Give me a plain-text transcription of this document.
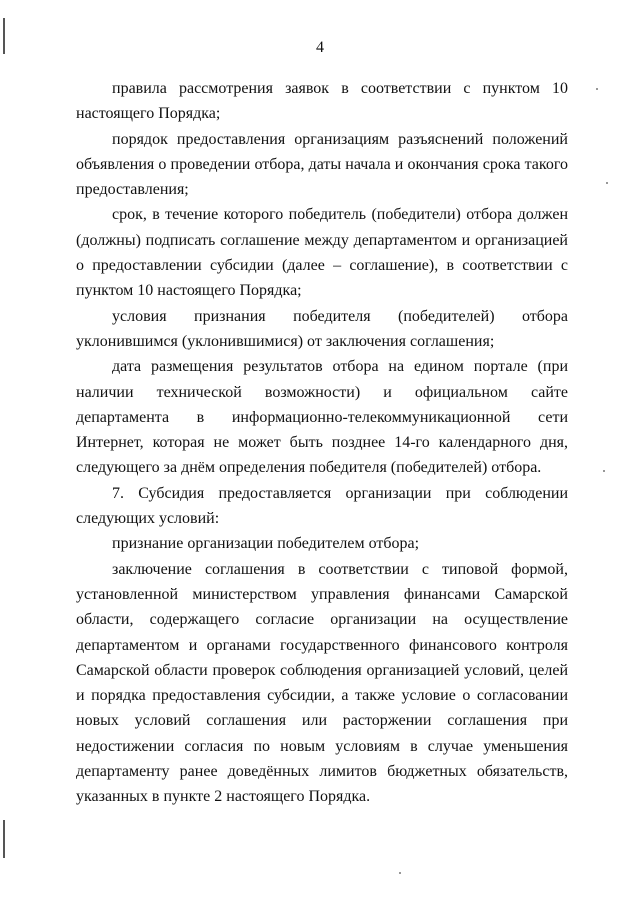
4

правила рассмотрения заявок в соответствии с пунктом 10 настоящего Порядка;

порядок предоставления организациям разъяснений положений объявления о проведении отбора, даты начала и окончания срока такого предоставления;

срок, в течение которого победитель (победители) отбора должен (должны) подписать соглашение между департаментом и организацией о предоставлении субсидии (далее – соглашение), в соответствии с пунктом 10 настоящего Порядка;

условия признания победителя (победителей) отбора уклонившимся (уклонившимися) от заключения соглашения;

дата размещения результатов отбора на едином портале (при наличии технической возможности) и официальном сайте департамента в информационно-телекоммуникационной сети Интернет, которая не может быть позднее 14-го календарного дня, следующего за днём определения победителя (победителей) отбора.

7. Субсидия предоставляется организации при соблюдении следующих условий:

признание организации победителем отбора;

заключение соглашения в соответствии с типовой формой, установленной министерством управления финансами Самарской области, содержащего согласие организации на осуществление департаментом и органами государственного финансового контроля Самарской области проверок соблюдения организацией условий, целей и порядка предоставления субсидии, а также условие о согласовании новых условий соглашения или расторжении соглашения при недостижении согласия по новым условиям в случае уменьшения департаменту ранее доведённых лимитов бюджетных обязательств, указанных в пункте 2 настоящего Порядка.
